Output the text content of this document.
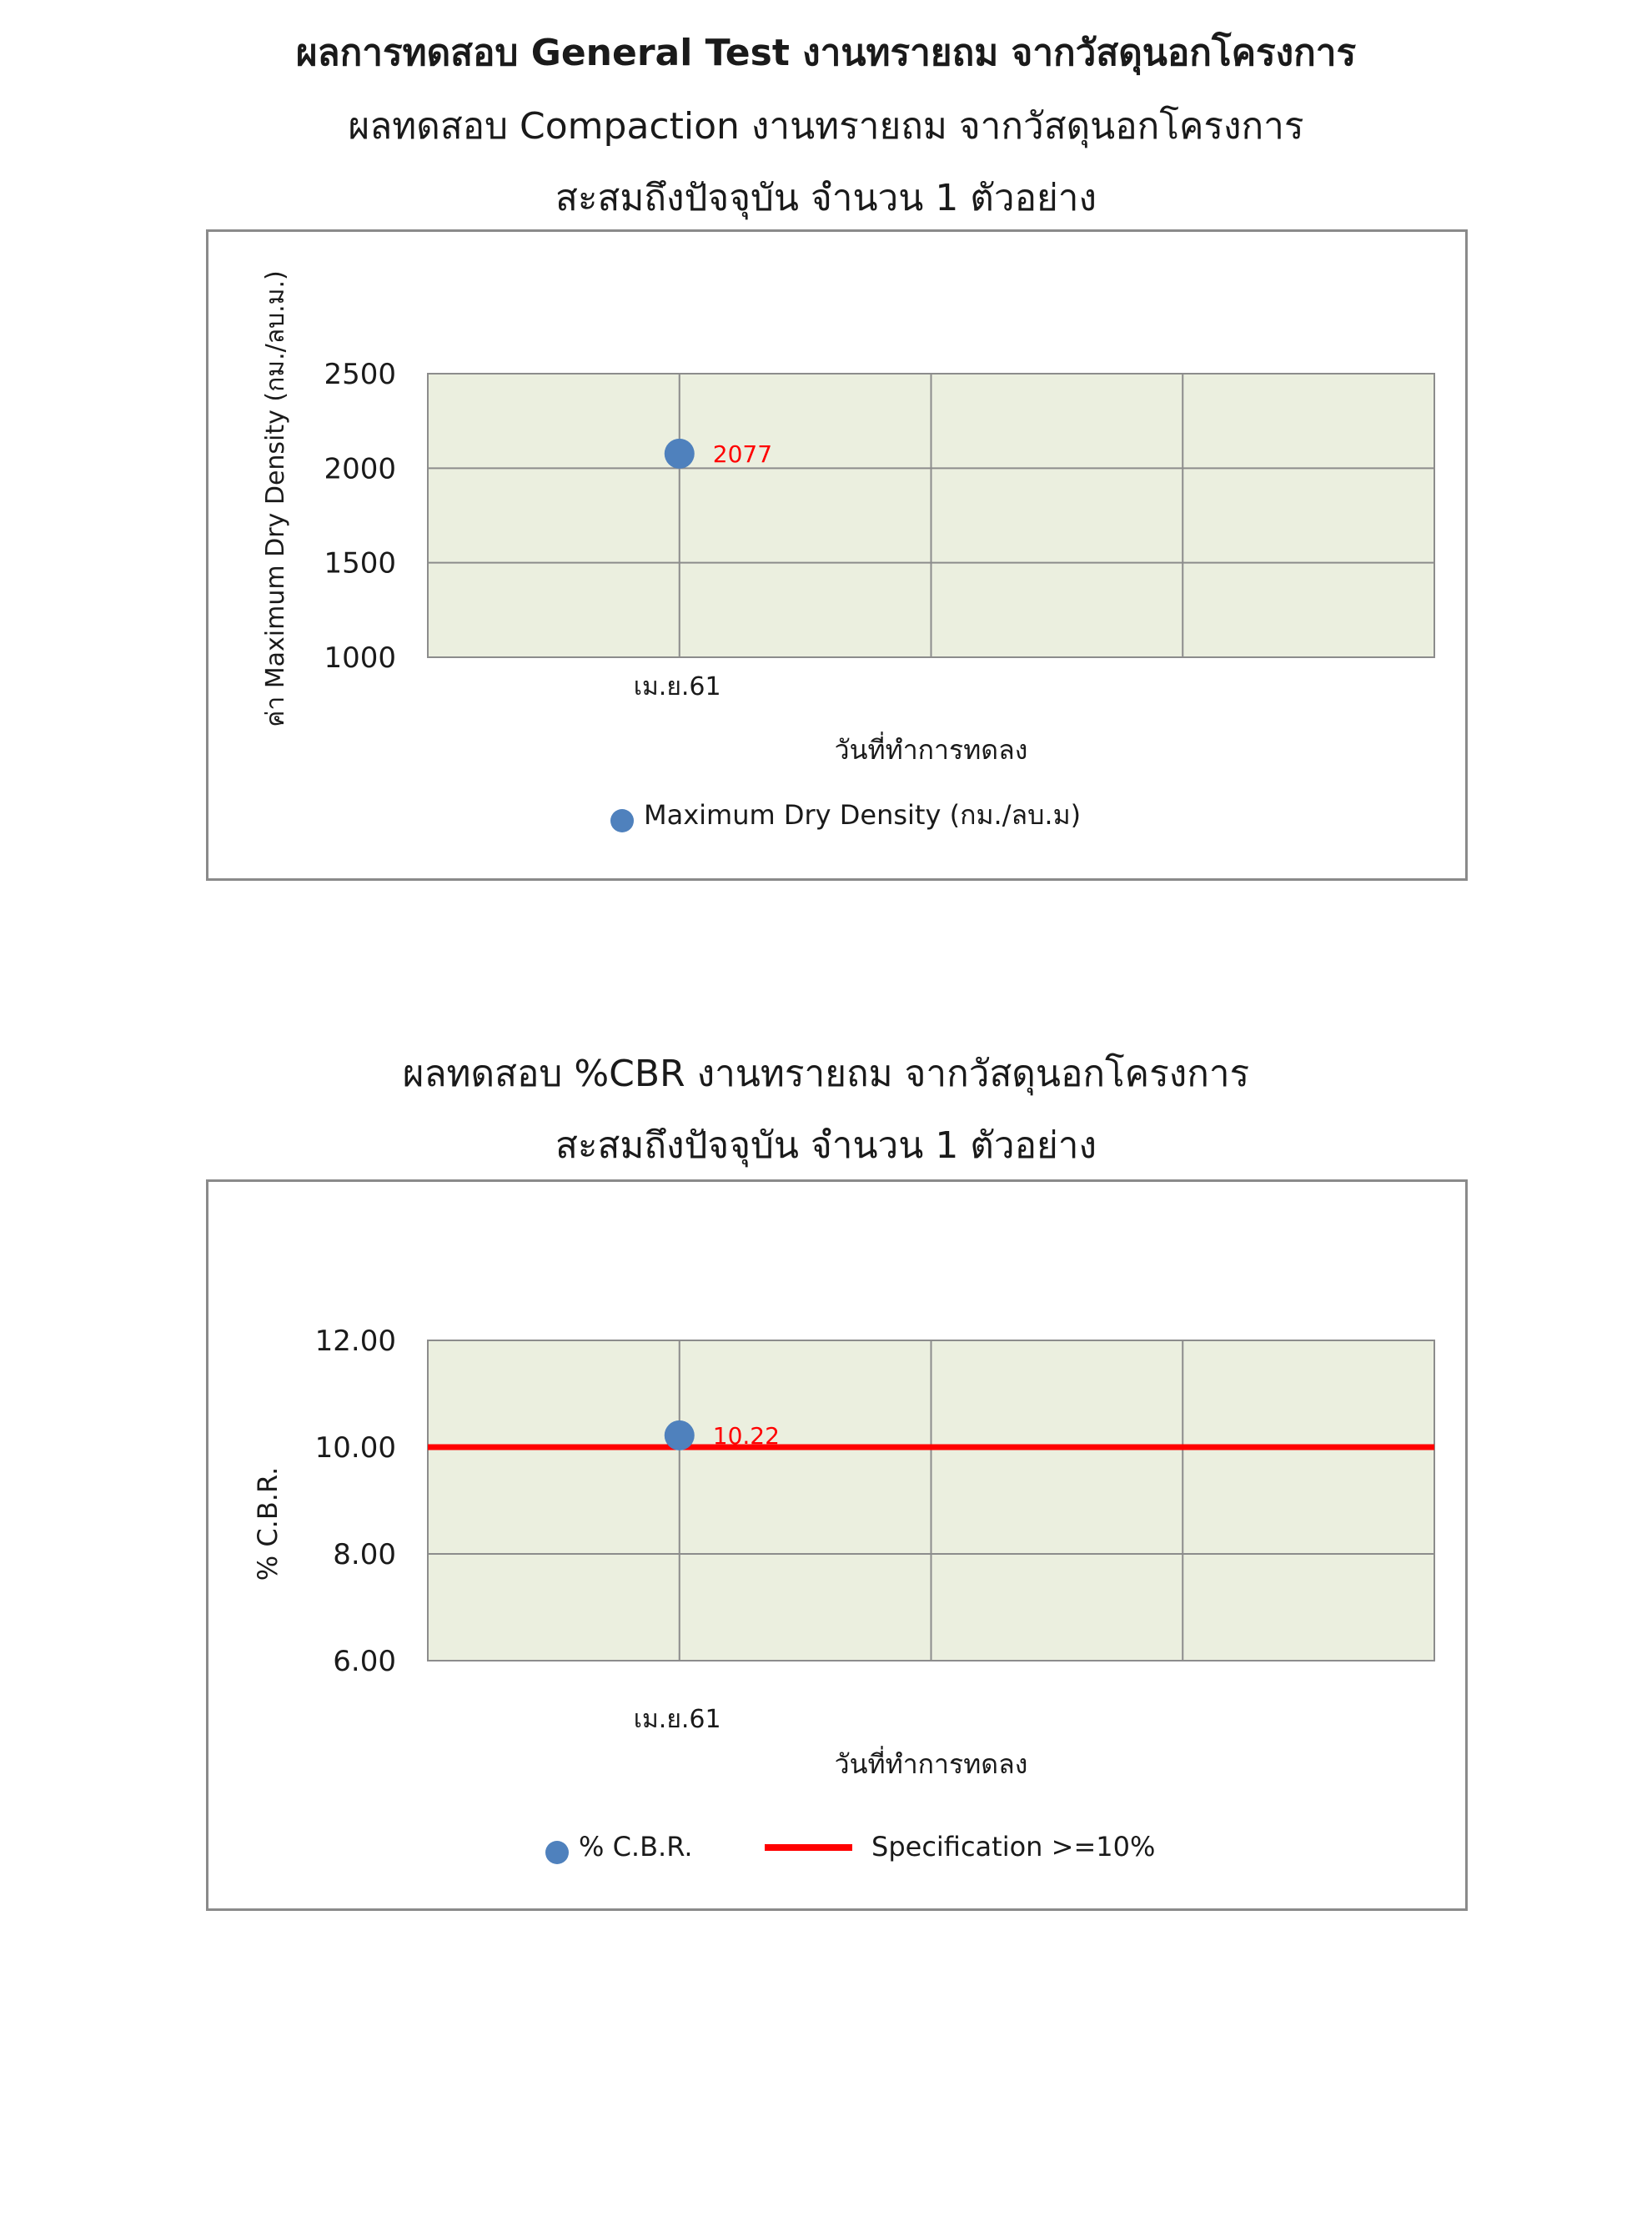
ผลการทดสอบ General Test งานทรายถม จากวัสดุนอกโครงการ
ผลทดสอบ Compaction งานทรายถม จากวัสดุนอกโครงการ
สะสมถึงปัจจุบัน จำนวน 1 ตัวอย่าง
2500
2000
1500
1000
เม.ย.61
2077
วันที่ทำการทดลง
ค่า Maximum Dry Density (กม./ลบ.ม.)
Maximum Dry Density (กม./ลบ.ม)
ผลทดสอบ %CBR งานทรายถม จากวัสดุนอกโครงการ
สะสมถึงปัจจุบัน จำนวน 1 ตัวอย่าง
12.00
10.00
8.00
6.00
เม.ย.61
10.22
วันที่ทำการทดลง
% C.B.R.
% C.B.R.	Specification >=10%
